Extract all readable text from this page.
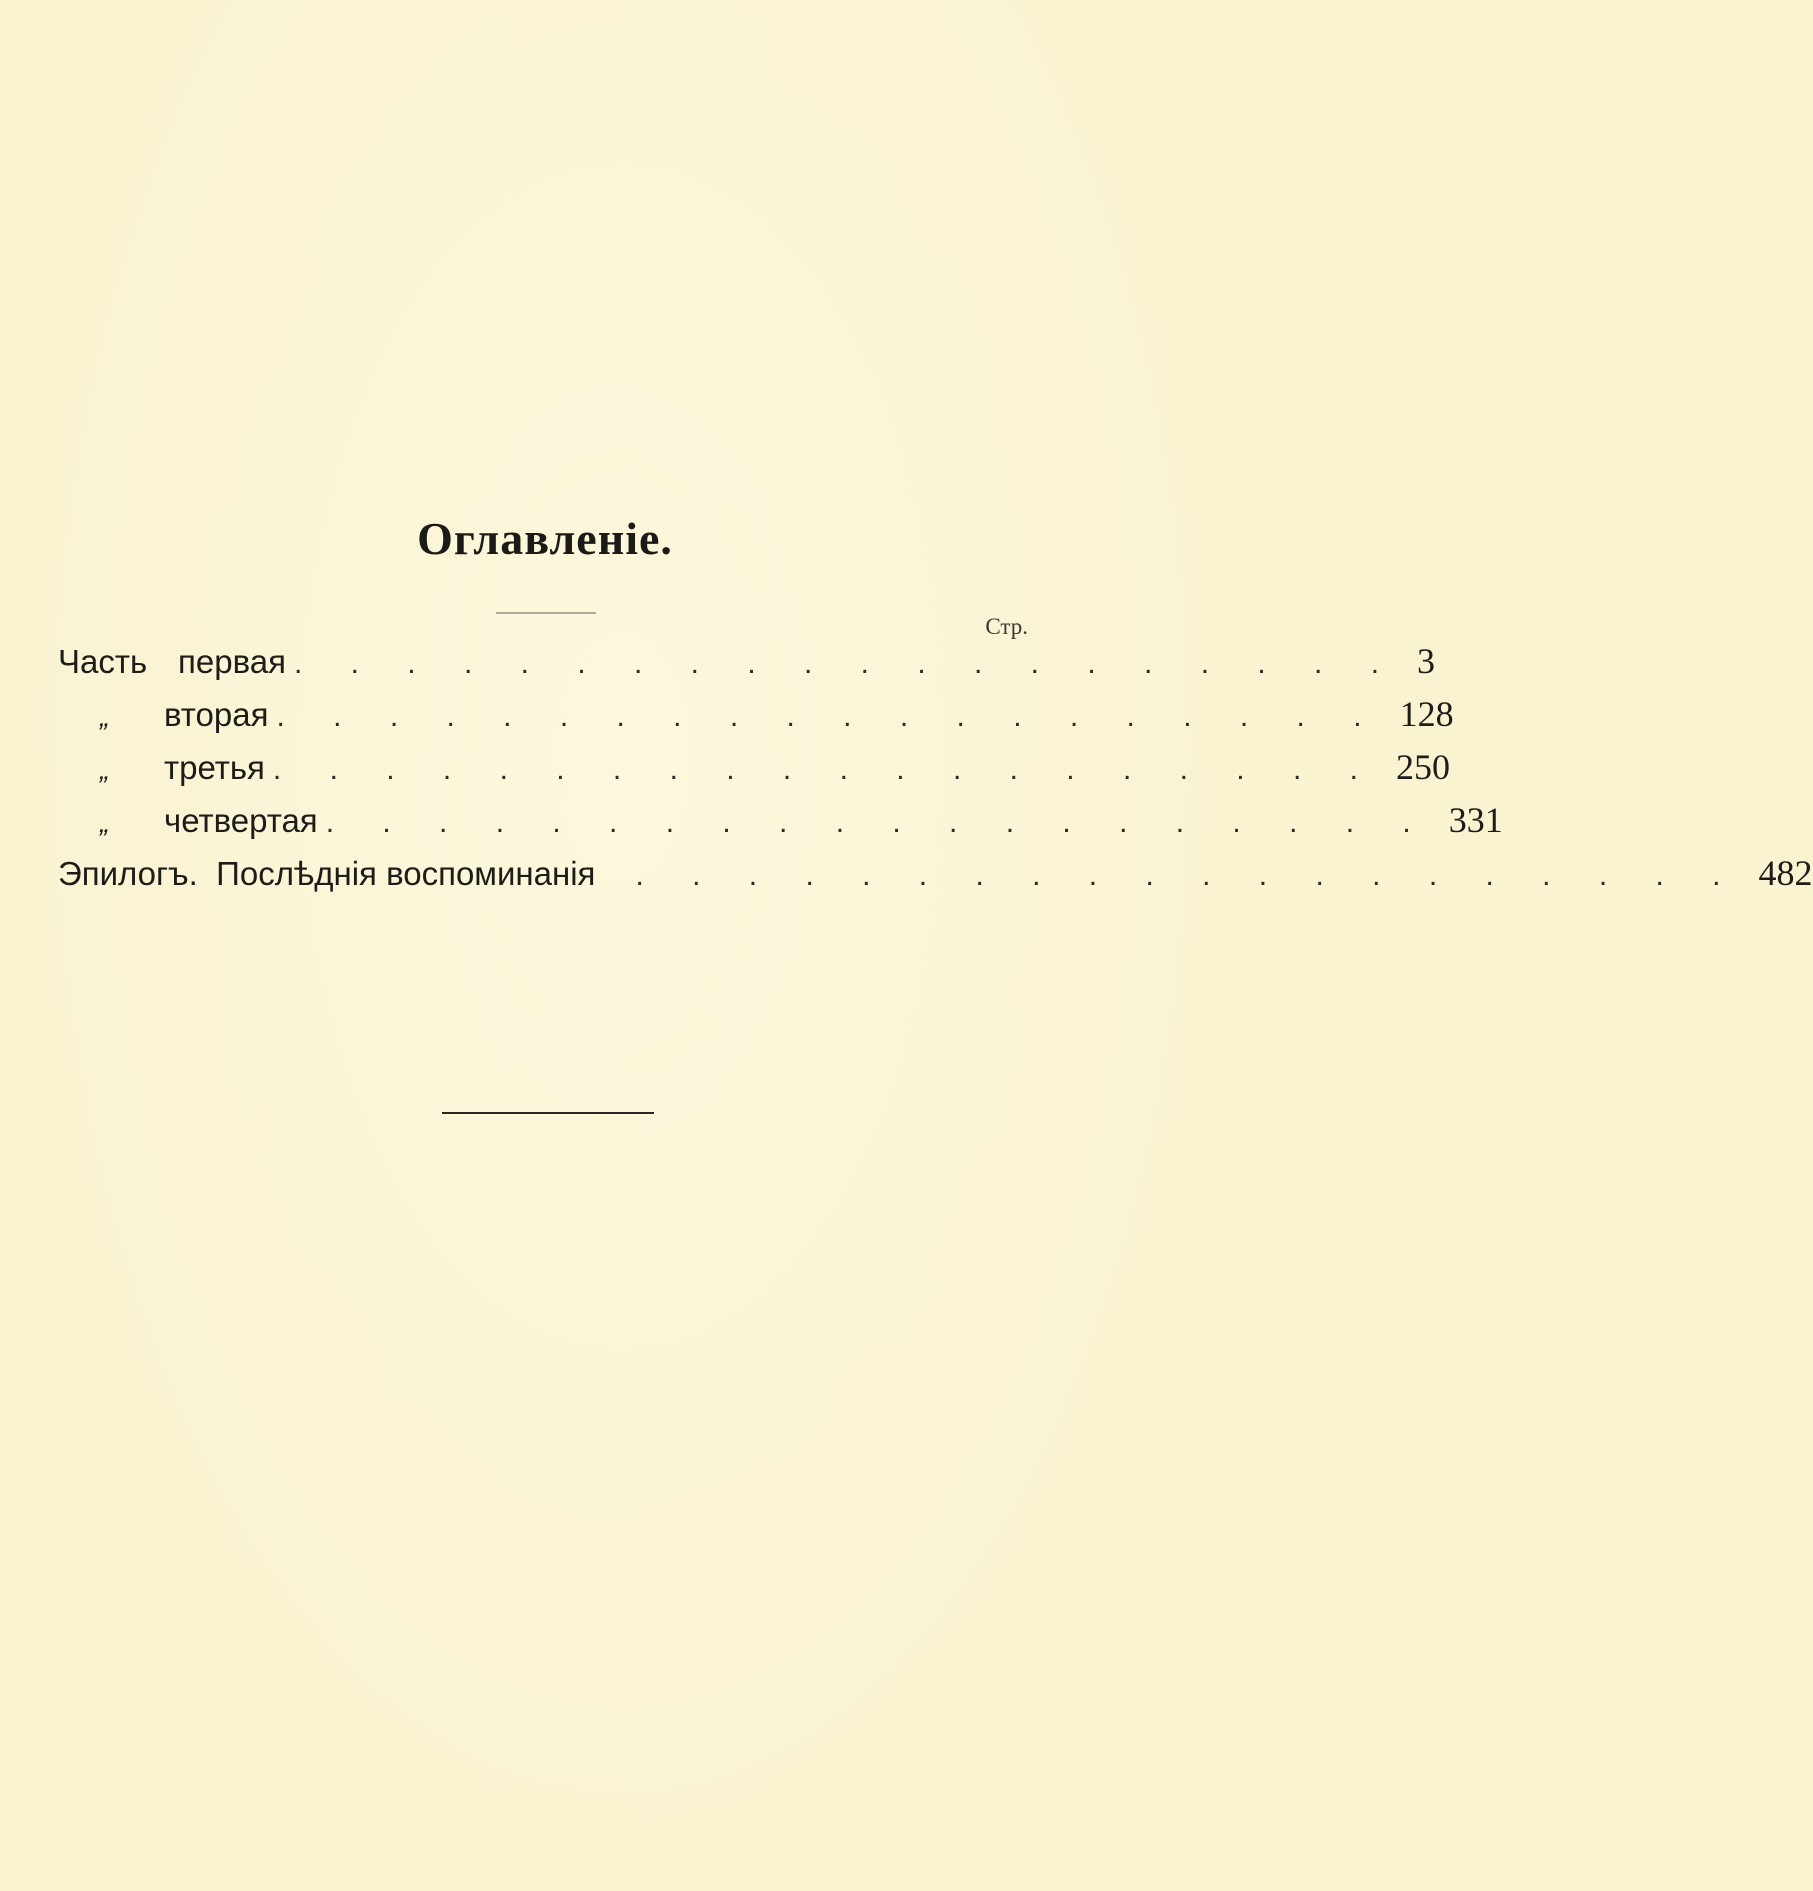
Оглавленiе.
Стр.
Часть первая . . . . . . . . . . . . . . . . . . . . 3
„ вторая . . . . . . . . . . . . . . . . . . . . 128
„ третья . . . . . . . . . . . . . . . . . . . . 250
„ четвертая . . . . . . . . . . . . . . . . . . . . 331
Эпилогъ.  Послѣднія воспоминанія . . . . . . . . . . . . . . . . . . . . 482
